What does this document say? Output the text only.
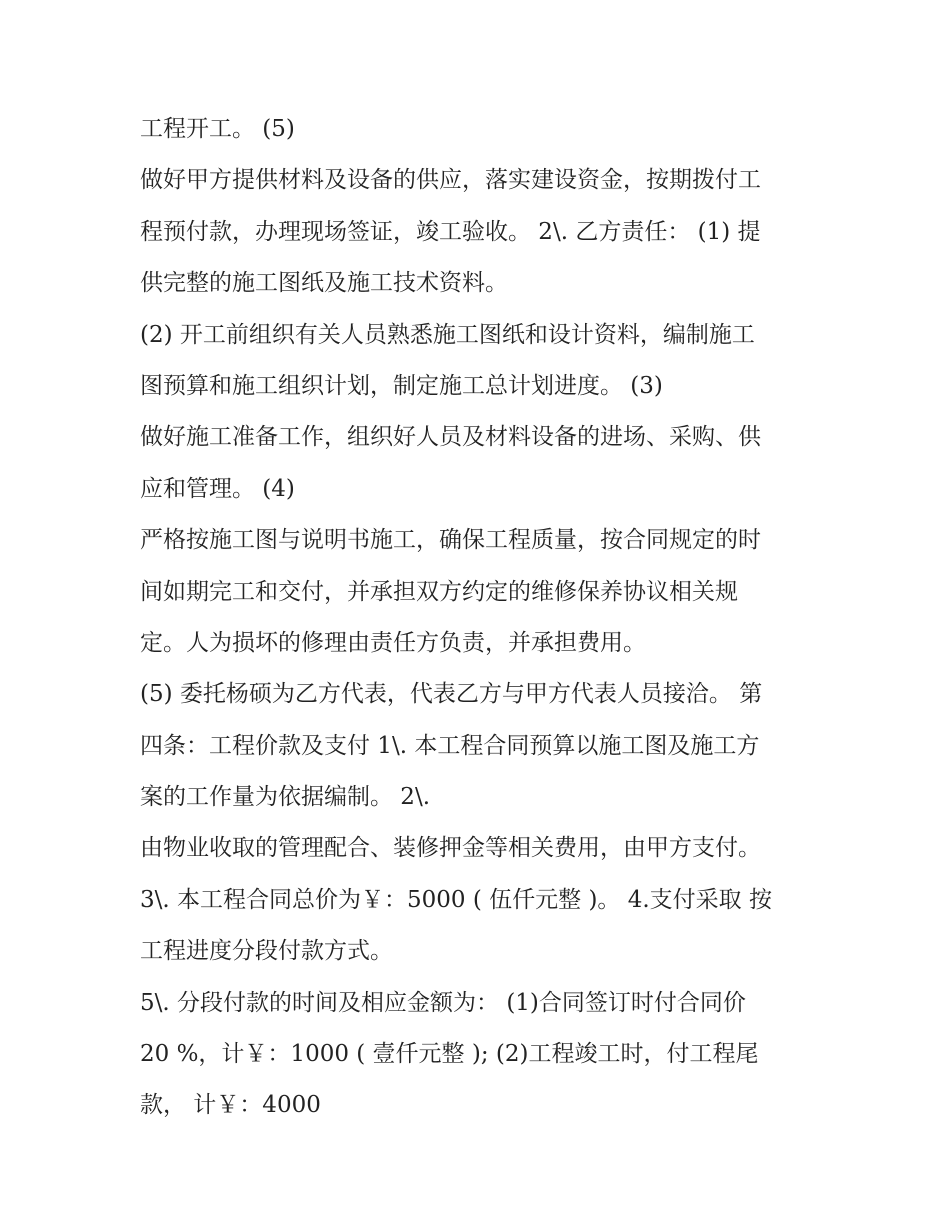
工程开工。 (5)
做好甲方提供材料及设备的供应，落实建设资金，按期拨付工
程预付款，办理现场签证，竣工验收。 2\. 乙方责任： (1) 提
供完整的施工图纸及施工技术资料。
(2) 开工前组织有关人员熟悉施工图纸和设计资料，编制施工
图预算和施工组织计划，制定施工总计划进度。 (3)
做好施工准备工作，组织好人员及材料设备的进场、采购、供
应和管理。 (4)
严格按施工图与说明书施工，确保工程质量，按合同规定的时
间如期完工和交付，并承担双方约定的维修保养协议相关规
定。人为损坏的修理由责任方负责，并承担费用。
(5) 委托杨硕为乙方代表，代表乙方与甲方代表人员接洽。 第
四条：工程价款及支付 1\. 本工程合同预算以施工图及施工方
案的工作量为依据编制。 2\.
由物业收取的管理配合、装修押金等相关费用，由甲方支付。
3\. 本工程合同总价为￥：5000 ( 伍仟元整 )。 4.支付采取 按
工程进度分段付款方式。
5\. 分段付款的时间及相应金额为： (1)合同签订时付合同价
20 %，计￥：1000 ( 壹仟元整 ); (2)工程竣工时，付工程尾
款， 计￥：4000
